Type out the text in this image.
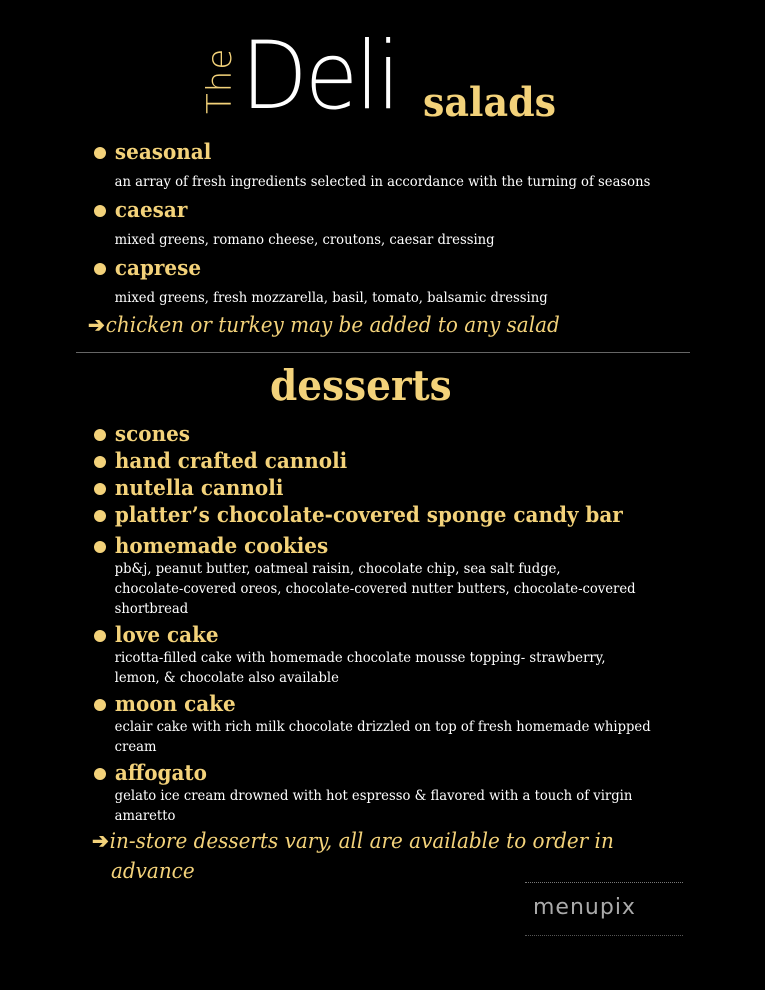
The Deli salads
seasonal
an array of fresh ingredients selected in accordance with the turning of seasons
caesar
mixed greens, romano cheese, croutons, caesar dressing
caprese
mixed greens, fresh mozzarella, basil, tomato, balsamic dressing
➔chicken or turkey may be added to any salad
desserts
scones
hand crafted cannoli
nutella cannoli
platter’s chocolate-covered sponge candy bar
homemade cookies
pb&j, peanut butter, oatmeal raisin, chocolate chip, sea salt fudge,
chocolate-covered oreos, chocolate-covered nutter butters, chocolate-covered
shortbread
love cake
ricotta-filled cake with homemade chocolate mousse topping- strawberry,
lemon, & chocolate also available
moon cake
eclair cake with rich milk chocolate drizzled on top of fresh homemade whipped
cream
affogato
gelato ice cream drowned with hot espresso & flavored with a touch of virgin
amaretto
➔in-store desserts vary, all are available to order in
advance
menupix
